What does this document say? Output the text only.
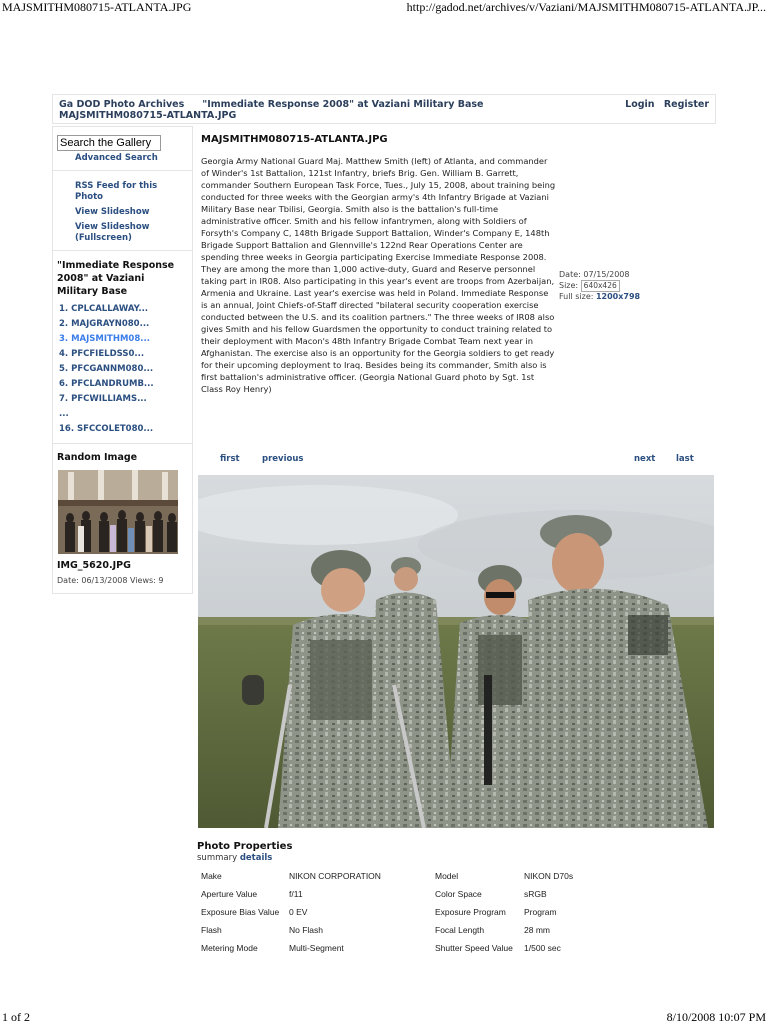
MAJSMITHM080715-ATLANTA.JPG	http://gadod.net/archives/v/Vaziani/MAJSMITHM080715-ATLANTA.JP...
Ga DOD Photo Archives "Immediate Response 2008" at Vaziani Military BaseMAJSMITHM080715-ATLANTA.JPG
Login Register
Search the Gallery
Advanced Search
RSS Feed for this Photo
View Slideshow
View Slideshow (Fullscreen)
"Immediate Response 2008" at Vaziani Military Base
1. CPLCALLAWAY...
2. MAJGRAYN080...
3. MAJSMITHM08...
4. PFCFIELDSS0...
5. PFCGANNM080...
6. PFCLANDRUMB...
7. PFCWILLIAMS...
...
16. SFCCOLET080...
Random Image
IMG_5620.JPG
Date: 06/13/2008 Views: 9
MAJSMITHM080715-ATLANTA.JPG
Georgia Army National Guard Maj. Matthew Smith (left) of Atlanta, and commander of Winder's 1st Battalion, 121st Infantry, briefs Brig. Gen. William B. Garrett, commander Southern European Task Force, Tues., July 15, 2008, about training being conducted for three weeks with the Georgian army's 4th Infantry Brigade at Vaziani Military Base near Tbilisi, Georgia. Smith also is the battalion's full-time administrative officer. Smith and his fellow infantrymen, along with Soldiers of Forsyth's Company C, 148th Brigade Support Battalion, Winder's Company E, 148th Brigade Support Battalion and Glennville's 122nd Rear Operations Center are spending three weeks in Georgia participating Exercise Immediate Response 2008. They are among the more than 1,000 active-duty, Guard and Reserve personnel taking part in IR08. Also participating in this year's event are troops from Azerbaijan, Armenia and Ukraine. Last year's exercise was held in Poland. Immediate Response is an annual, Joint Chiefs-of-Staff directed "bilateral security cooperation exercise conducted between the U.S. and its coalition partners." The three weeks of IR08 also gives Smith and his fellow Guardsmen the opportunity to conduct training related to their deployment with Macon's 48th Infantry Brigade Combat Team next year in Afghanistan. The exercise also is an opportunity for the Georgia soldiers to get ready for their upcoming deployment to Iraq. Besides being its commander, Smith also is first battalion's administrative officer. (Georgia National Guard photo by Sgt. 1st Class Roy Henry)
Date: 07/15/2008
Size: 640x426
Full size: 1200x798
first	previous	next last
Photo Properties
summary details
Make	NIKON CORPORATION	Model	NIKON D70s
Aperture Value	f/11	Color Space	sRGB
Exposure Bias Value	0 EV	Exposure Program	Program
Flash	No Flash	Focal Length	28 mm
Metering Mode	Multi-Segment	Shutter Speed Value	1/500 sec
1 of 2	8/10/2008 10:07 PM
